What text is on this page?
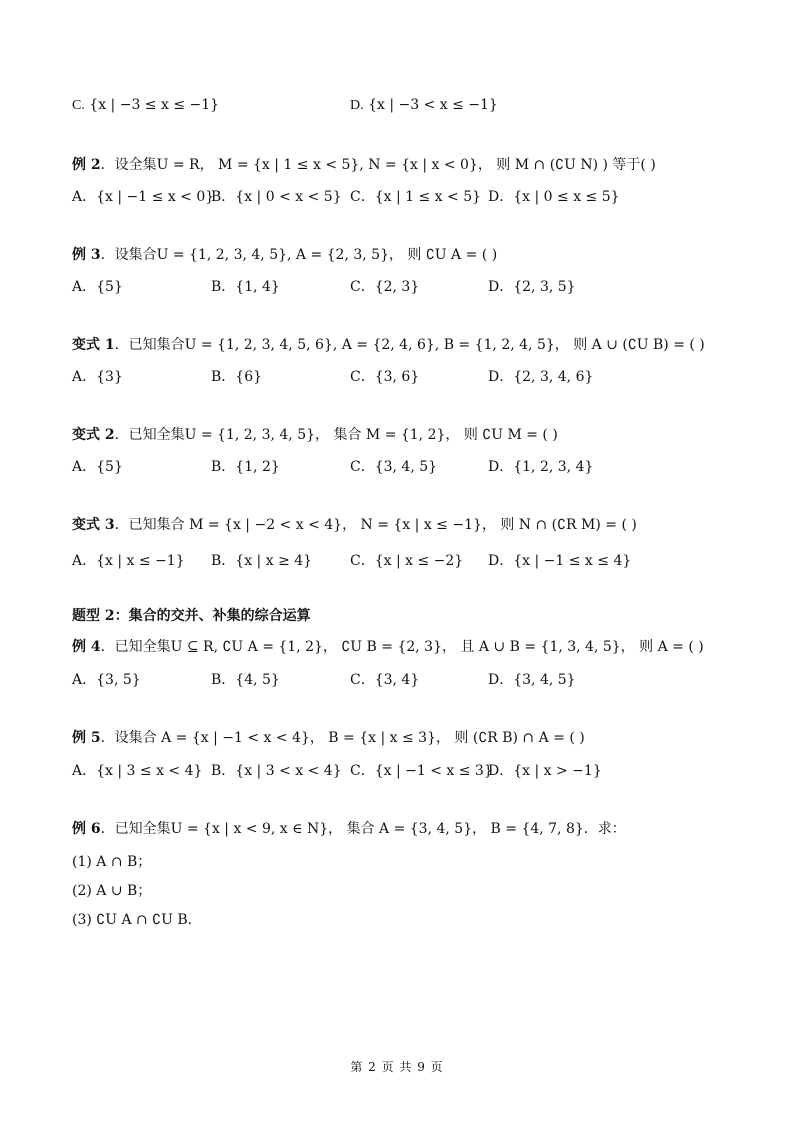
C. {x | −3 ≤ x ≤ −1}	D. {x | −3 < x ≤ −1}
例 2．设全集U = R， M = {x | 1 ≤ x < 5}, N = {x | x < 0}， 则 M ∩ (∁U N) ) 等于( )
A．{x | −1 ≤ x < 0}
B．{x | 0 < x < 5} C．{x | 1 ≤ x < 5} D．{x | 0 ≤ x ≤ 5}
例 3．设集合U = {1, 2, 3, 4, 5}, A = {2, 3, 5}， 则 ∁U A = ( )
A．{5}	B．{1, 4}	C．{2, 3}	D．{2, 3, 5}
变式 1．已知集合U = {1, 2, 3, 4, 5, 6}, A = {2, 4, 6}, B = {1, 2, 4, 5}， 则 A ∪ (∁U B) = ( )
A．{3}	B．{6}	C．{3, 6}	D．{2, 3, 4, 6}
变式 2．已知全集U = {1, 2, 3, 4, 5}， 集合 M = {1, 2}， 则 ∁U M = ( )
A．{5}	B．{1, 2}	C．{3, 4, 5}	D．{1, 2, 3, 4}
变式 3．已知集合 M = {x | −2 < x < 4}， N = {x | x ≤ −1}， 则 N ∩ (∁R M) = ( )
A．{x | x ≤ −1} B．{x | x ≥ 4}	C．{x | x ≤ −2} D．{x | −1 ≤ x ≤ 4}
题型 2：集合的交并、补集的综合运算
例 4．已知全集U ⊆ R, ∁U A = {1, 2}， ∁U B = {2, 3}， 且 A ∪ B = {1, 3, 4, 5}， 则 A = ( )
A．{3, 5}	B．{4, 5}	C．{3, 4}	D．{3, 4, 5}
例 5．设集合 A = {x | −1 < x < 4}， B = {x | x ≤ 3}， 则 (∁R B) ∩ A = ( )
A．{x | 3 ≤ x < 4} B．{x | 3 < x < 4} C．{x | −1 < x ≤ 3}
D．{x | x > −1}
例 6．已知全集U = {x | x < 9, x ∈ N}， 集合 A = {3, 4, 5}， B = {4, 7, 8}．求：
(1) A ∩ B；
(2) A ∪ B；
(3) ∁U A ∩ ∁U B．
第 2 页 共 9 页
